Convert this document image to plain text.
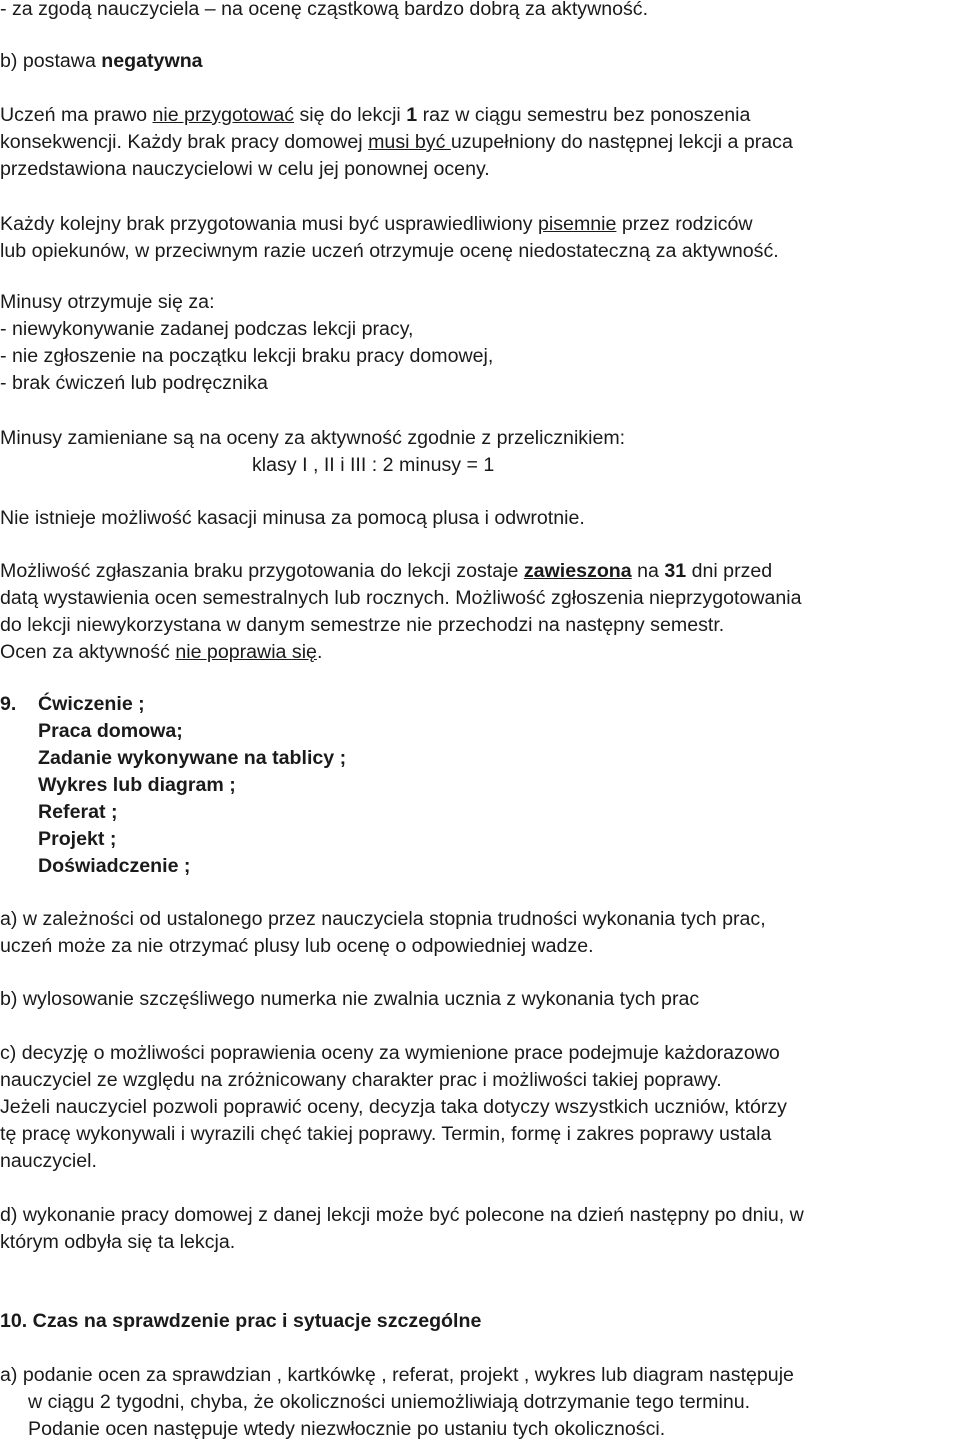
- za zgodą nauczyciela – na ocenę cząstkową bardzo dobrą za aktywność.
b) postawa negatywna
Uczeń ma prawo nie przygotować się do lekcji 1 raz w ciągu semestru bez ponoszenia
konsekwencji. Każdy brak pracy domowej musi być uzupełniony do następnej lekcji a praca
przedstawiona nauczycielowi w celu jej ponownej oceny.
Każdy kolejny brak przygotowania musi być usprawiedliwiony pisemnie przez rodziców
lub opiekunów, w przeciwnym razie uczeń otrzymuje ocenę niedostateczną za aktywność.
Minusy otrzymuje się za:
- niewykonywanie zadanej podczas lekcji pracy,
- nie zgłoszenie na początku lekcji braku pracy domowej,
- brak ćwiczeń lub podręcznika
Minusy zamieniane są na oceny za aktywność zgodnie z przelicznikiem:
klasy I , II i III : 2 minusy = 1
Nie istnieje możliwość kasacji minusa za pomocą plusa i odwrotnie.
Możliwość zgłaszania braku przygotowania do lekcji zostaje zawieszona na 31 dni przed
datą wystawienia ocen semestralnych lub rocznych. Możliwość zgłoszenia nieprzygotowania
do lekcji niewykorzystana w danym semestrze nie przechodzi na następny semestr.
Ocen za aktywność nie poprawia się.
9.	Ćwiczenie ;
Praca domowa;
Zadanie wykonywane na tablicy ;
Wykres lub diagram ;
Referat ;
Projekt ;
Doświadczenie ;
a) w zależności od ustalonego przez nauczyciela stopnia trudności wykonania tych prac,
uczeń może za nie otrzymać plusy lub ocenę o odpowiedniej wadze.
b) wylosowanie szczęśliwego numerka nie zwalnia ucznia z wykonania tych prac
c) decyzję o możliwości poprawienia oceny za wymienione prace podejmuje każdorazowo
nauczyciel ze względu na zróżnicowany charakter prac i możliwości takiej poprawy.
Jeżeli nauczyciel pozwoli poprawić oceny, decyzja taka dotyczy wszystkich uczniów, którzy
tę pracę wykonywali i wyrazili chęć takiej poprawy. Termin, formę i zakres poprawy ustala
nauczyciel.
d) wykonanie pracy domowej z danej lekcji może być polecone na dzień następny po dniu, w
którym odbyła się ta lekcja.
10. Czas na sprawdzenie prac i sytuacje szczególne
a) podanie ocen za sprawdzian , kartkówkę , referat, projekt , wykres lub diagram następuje
w ciągu 2 tygodni, chyba, że okoliczności uniemożliwiają dotrzymanie tego terminu.
Podanie ocen następuje wtedy niezwłocznie po ustaniu tych okoliczności.
